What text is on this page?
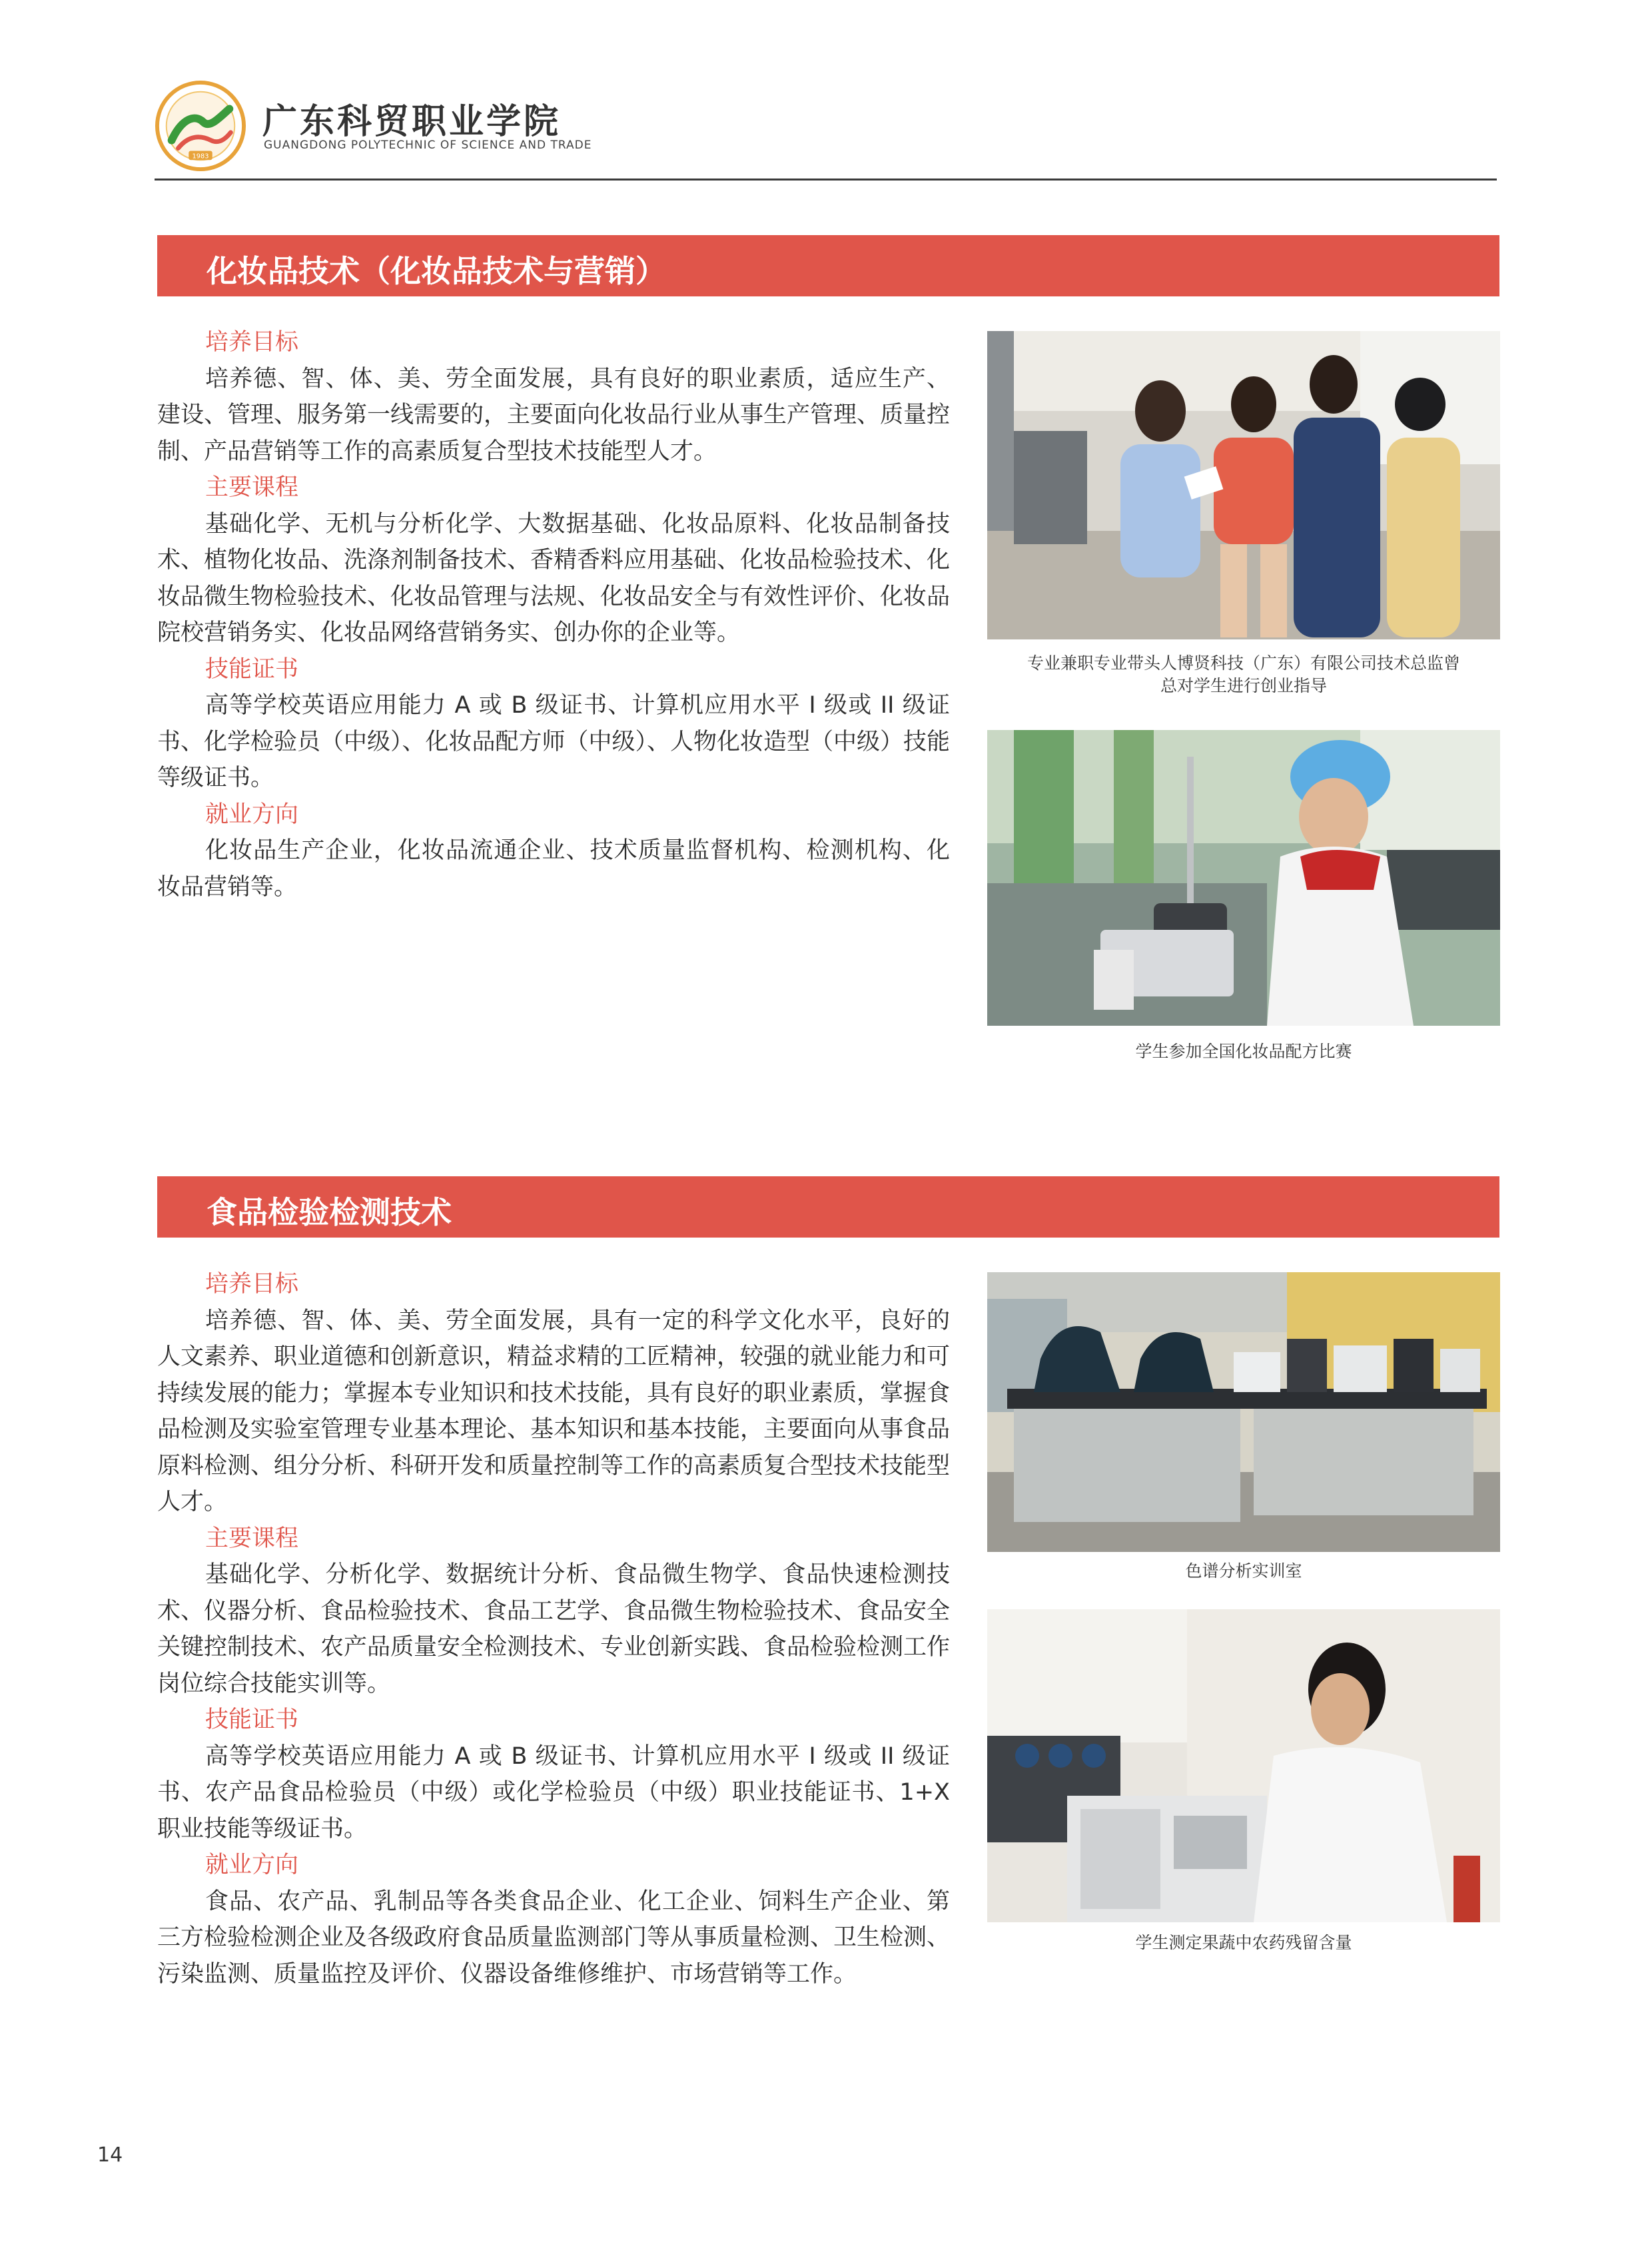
1983
广东科贸职业学院
GUANGDONG POLYTECHNIC OF SCIENCE AND TRADE
化妆品技术（化妆品技术与营销）
培养目标
培养德、智、体、美、劳全面发展，具有良好的职业素质，适应生产、建设、管理、服务第一线需要的，主要面向化妆品行业从事生产管理、质量控制、产品营销等工作的高素质复合型技术技能型人才。
主要课程
基础化学、无机与分析化学、大数据基础、化妆品原料、化妆品制备技术、植物化妆品、洗涤剂制备技术、香精香料应用基础、化妆品检验技术、化妆品微生物检验技术、化妆品管理与法规、化妆品安全与有效性评价、化妆品院校营销务实、化妆品网络营销务实、创办你的企业等。
技能证书
高等学校英语应用能力 A 或 B 级证书、计算机应用水平 I 级或 II 级证书、化学检验员（中级）、化妆品配方师（中级）、人物化妆造型（中级）技能等级证书。
就业方向
化妆品生产企业，化妆品流通企业、技术质量监督机构、检测机构、化妆品营销等。
专业兼职专业带头人博贤科技（广东）有限公司技术总监曾
总对学生进行创业指导
学生参加全国化妆品配方比赛
食品检验检测技术
培养目标
培养德、智、体、美、劳全面发展，具有一定的科学文化水平，良好的人文素养、职业道德和创新意识，精益求精的工匠精神，较强的就业能力和可持续发展的能力；掌握本专业知识和技术技能，具有良好的职业素质，掌握食品检测及实验室管理专业基本理论、基本知识和基本技能，主要面向从事食品原料检测、组分分析、科研开发和质量控制等工作的高素质复合型技术技能型人才。
主要课程
基础化学、分析化学、数据统计分析、食品微生物学、食品快速检测技术、仪器分析、食品检验技术、食品工艺学、食品微生物检验技术、食品安全关键控制技术、农产品质量安全检测技术、专业创新实践、食品检验检测工作岗位综合技能实训等。
技能证书
高等学校英语应用能力 A 或 B 级证书、计算机应用水平 I 级或 II 级证书、农产品食品检验员（中级）或化学检验员（中级）职业技能证书、1+X 职业技能等级证书。
就业方向
食品、农产品、乳制品等各类食品企业、化工企业、饲料生产企业、第三方检验检测企业及各级政府食品质量监测部门等从事质量检测、卫生检测、污染监测、质量监控及评价、仪器设备维修维护、市场营销等工作。
色谱分析实训室
学生测定果蔬中农药残留含量
14
